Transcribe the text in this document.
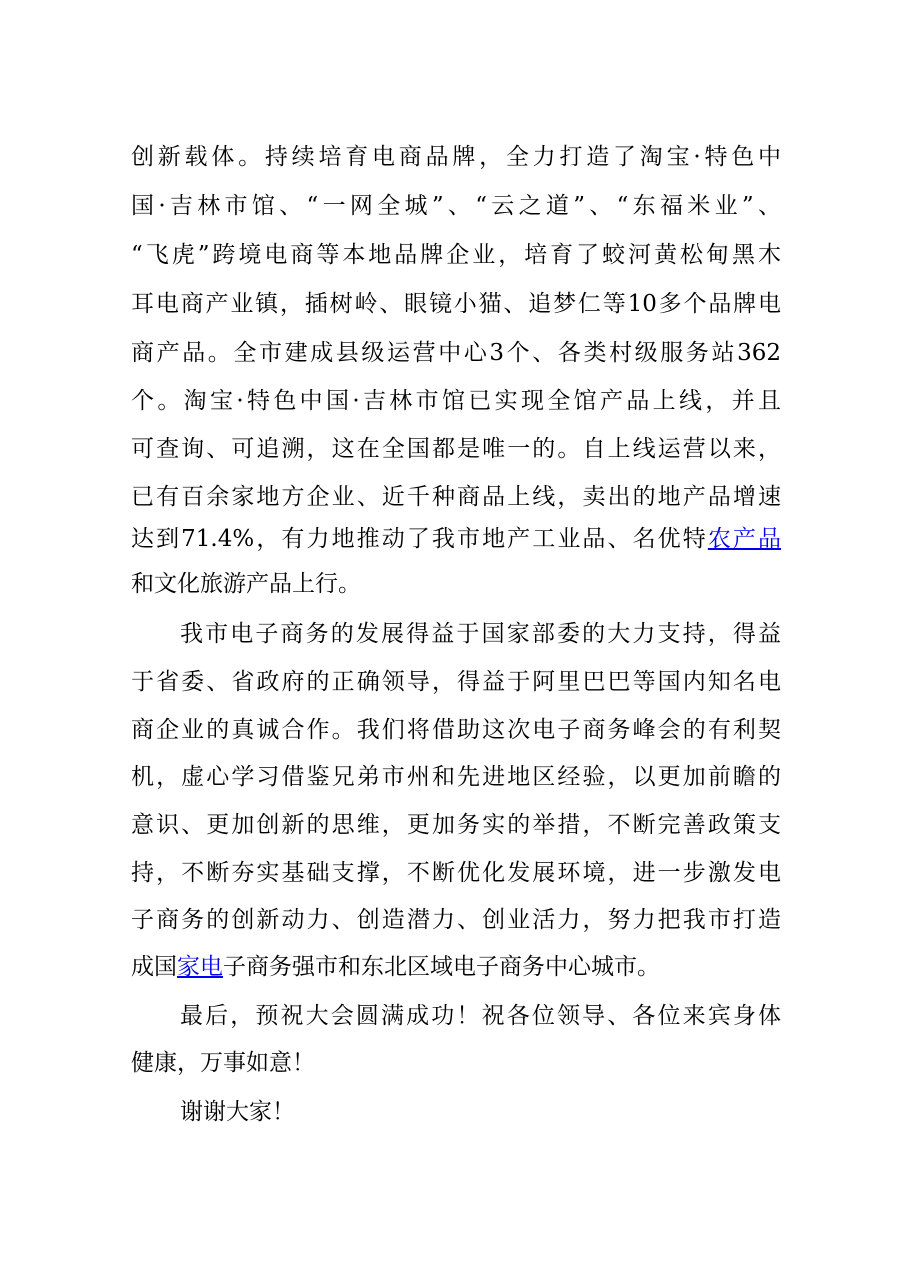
创新载体。持续培育电商品牌，全力打造了淘宝·特色中
国·吉林市馆、“一网全城”、“云之道”、“东福米业”、
“飞虎”跨境电商等本地品牌企业，培育了蛟河黄松甸黑木
耳电商产业镇，插树岭、眼镜小猫、追梦仁等10多个品牌电
商产品。全市建成县级运营中心3个、各类村级服务站362
个。淘宝·特色中国·吉林市馆已实现全馆产品上线，并且
可查询、可追溯，这在全国都是唯一的。自上线运营以来，
已有百余家地方企业、近千种商品上线，卖出的地产品增速
达到71.4%，有力地推动了我市地产工业品、名优特农产品
和文化旅游产品上行。
我市电子商务的发展得益于国家部委的大力支持，得益
于省委、省政府的正确领导，得益于阿里巴巴等国内知名电
商企业的真诚合作。我们将借助这次电子商务峰会的有利契
机，虚心学习借鉴兄弟市州和先进地区经验，以更加前瞻的
意识、更加创新的思维，更加务实的举措，不断完善政策支
持，不断夯实基础支撑，不断优化发展环境，进一步激发电
子商务的创新动力、创造潜力、创业活力，努力把我市打造
成国家电子商务强市和东北区域电子商务中心城市。
最后，预祝大会圆满成功！祝各位领导、各位来宾身体
健康，万事如意！
谢谢大家！
